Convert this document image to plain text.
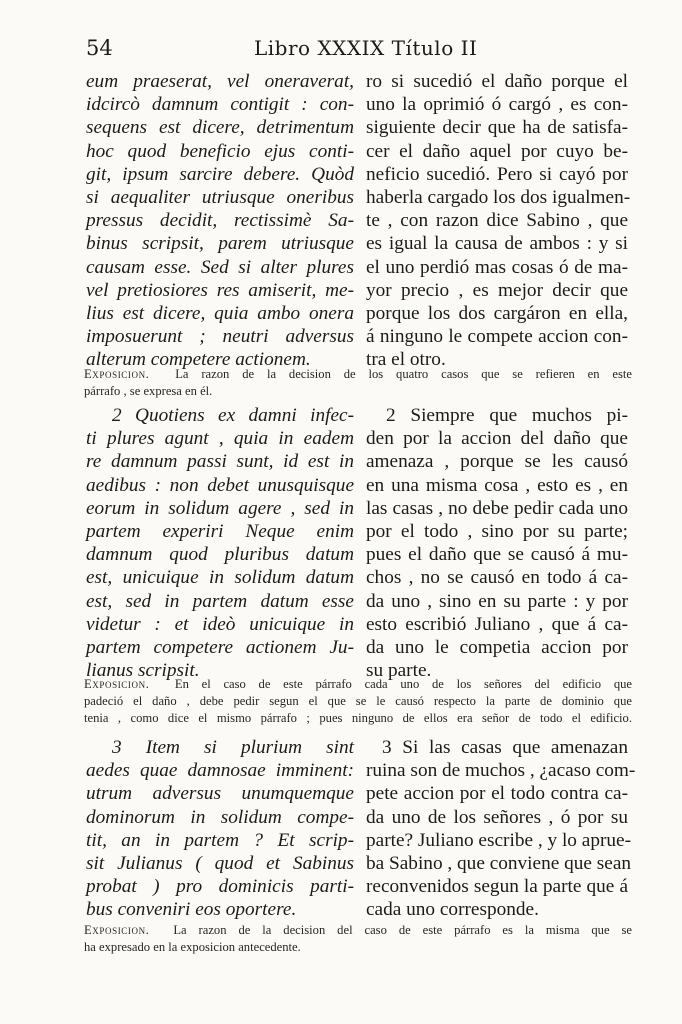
54	Libro XXXIX Título II
eum praeserat, vel oneraverat,
idcircò damnum contigit : con-
sequens est dicere, detrimentum
hoc quod beneficio ejus conti-
git, ipsum sarcire debere. Quòd
si aequaliter utriusque oneribus
pressus decidit, rectissimè Sa-
binus scripsit, parem utriusque
causam esse. Sed si alter plures
vel pretiosiores res amiserit, me-
lius est dicere, quia ambo onera
imposuerunt ; neutri adversus
alterum competere actionem.
ro si sucedió el daño porque el
uno la oprimió ó cargó , es con-
siguiente decir que ha de satisfa-
cer el daño aquel por cuyo be-
neficio sucedió. Pero si cayó por
haberla cargado los dos igualmen-
te , con razon dice Sabino , que
es igual la causa de ambos : y si
el uno perdió mas cosas ó de ma-
yor precio , es mejor decir que
porque los dos cargáron en ella,
á ninguno le compete accion con-
tra el otro.
Exposicion. La razon de la decision de los quatro casos que se refieren en este
párrafo , se expresa en él.
2 Quotiens ex damni infec-
ti plures agunt , quia in eadem
re damnum passi sunt, id est in
aedibus : non debet unusquisque
eorum in solidum agere , sed in
partem experiri Neque enim
damnum quod pluribus datum
est, unicuique in solidum datum
est, sed in partem datum esse
videtur : et ideò unicuique in
partem competere actionem Ju-
lianus scripsit.
2 Siempre que muchos pi-
den por la accion del daño que
amenaza , porque se les causó
en una misma cosa , esto es , en
las casas , no debe pedir cada uno
por el todo , sino por su parte;
pues el daño que se causó á mu-
chos , no se causó en todo á ca-
da uno , sino en su parte : y por
esto escribió Juliano , que á ca-
da uno le competia accion por
su parte.
Exposicion. En el caso de este párrafo cada uno de los señores del edificio que
padeció el daño , debe pedir segun el que se le causó respecto la parte de dominio que
tenia , como dice el mismo párrafo ; pues ninguno de ellos era señor de todo el edificio.
3 Item si plurium sint
aedes quae damnosae imminent:
utrum adversus unumquemque
dominorum in solidum compe-
tit, an in partem ? Et scrip-
sit Julianus ( quod et Sabinus
probat ) pro dominicis parti-
bus conveniri eos oportere.
3 Si las casas que amenazan
ruina son de muchos , ¿acaso com-
pete accion por el todo contra ca-
da uno de los señores , ó por su
parte? Juliano escribe , y lo aprue-
ba Sabino , que conviene que sean
reconvenidos segun la parte que á
cada uno corresponde.
Exposicion. La razon de la decision del caso de este párrafo es la misma que se
ha expresado en la exposicion antecedente.
